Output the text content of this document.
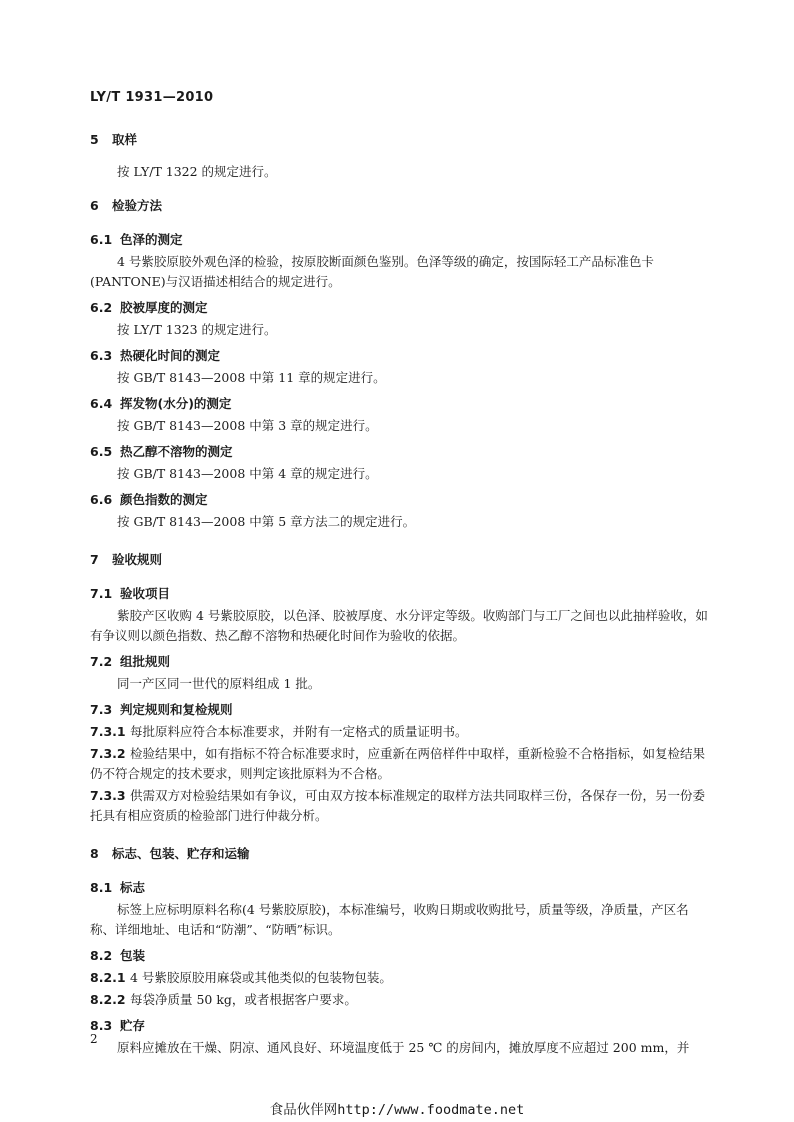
LY/T 1931—2010
5 取样
按 LY/T 1322 的规定进行。
6 检验方法
6.1 色泽的测定
4 号紫胶原胶外观色泽的检验，按原胶断面颜色鉴别。色泽等级的确定，按国际轻工产品标准色卡(PANTONE)与汉语描述相结合的规定进行。
6.2 胶被厚度的测定
按 LY/T 1323 的规定进行。
6.3 热硬化时间的测定
按 GB/T 8143—2008 中第 11 章的规定进行。
6.4 挥发物(水分)的测定
按 GB/T 8143—2008 中第 3 章的规定进行。
6.5 热乙醇不溶物的测定
按 GB/T 8143—2008 中第 4 章的规定进行。
6.6 颜色指数的测定
按 GB/T 8143—2008 中第 5 章方法二的规定进行。
7 验收规则
7.1 验收项目
紫胶产区收购 4 号紫胶原胶，以色泽、胶被厚度、水分评定等级。收购部门与工厂之间也以此抽样验收，如有争议则以颜色指数、热乙醇不溶物和热硬化时间作为验收的依据。
7.2 组批规则
同一产区同一世代的原料组成 1 批。
7.3 判定规则和复检规则
7.3.1 每批原料应符合本标准要求，并附有一定格式的质量证明书。
7.3.2 检验结果中，如有指标不符合标准要求时，应重新在两倍样件中取样，重新检验不合格指标，如复检结果仍不符合规定的技术要求，则判定该批原料为不合格。
7.3.3 供需双方对检验结果如有争议，可由双方按本标准规定的取样方法共同取样三份，各保存一份，另一份委托具有相应资质的检验部门进行仲裁分析。
8 标志、包装、贮存和运输
8.1 标志
标签上应标明原料名称(4 号紫胶原胶)，本标准编号，收购日期或收购批号，质量等级，净质量，产区名称、详细地址、电话和“防潮”、“防晒”标识。
8.2 包装
8.2.1 4 号紫胶原胶用麻袋或其他类似的包装物包装。
8.2.2 每袋净质量 50 kg，或者根据客户要求。
8.3 贮存
原料应摊放在干燥、阴凉、通风良好、环境温度低于 25 ℃ 的房间内，摊放厚度不应超过 200 mm，并
2
食品伙伴网http://www.foodmate.net
